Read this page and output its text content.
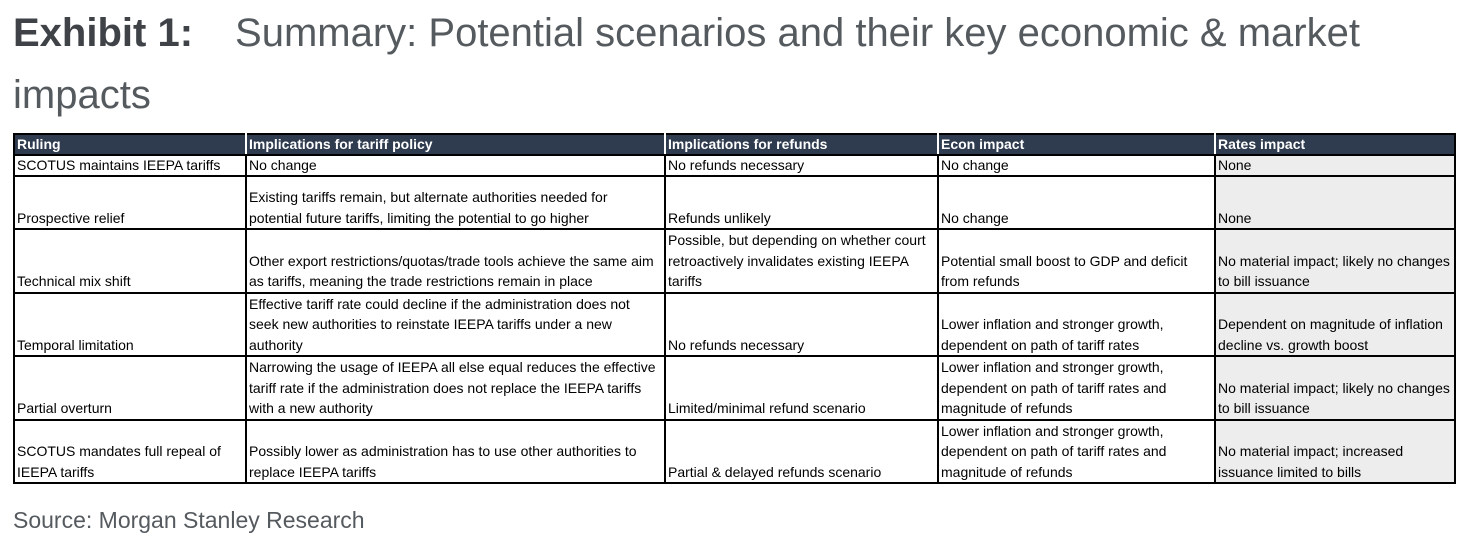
Exhibit 1: Summary: Potential scenarios and their key economic & market impacts
Ruling	Implications for tariff policy	Implications for refunds	Econ impact	Rates impact
SCOTUS maintains IEEPA tariffs	No change	No refunds necessary	No change	None
Prospective relief	Existing tariffs remain, but alternate authorities needed for potential future tariffs, limiting the potential to go higher	Refunds unlikely	No change	None
Technical mix shift	Other export restrictions/quotas/trade tools achieve the same aim as tariffs, meaning the trade restrictions remain in place	Possible, but depending on whether court retroactively invalidates existing IEEPA tariffs	Potential small boost to GDP and deficit from refunds	No material impact; likely no changes to bill issuance
Temporal limitation	Effective tariff rate could decline if the administration does not seek new authorities to reinstate IEEPA tariffs under a new authority	No refunds necessary	Lower inflation and stronger growth, dependent on path of tariff rates	Dependent on magnitude of inflation decline vs. growth boost
Partial overturn	Narrowing the usage of IEEPA all else equal reduces the effective tariff rate if the administration does not replace the IEEPA tariffs with a new authority	Limited/minimal refund scenario	Lower inflation and stronger growth, dependent on path of tariff rates and magnitude of refunds	No material impact; likely no changes to bill issuance
SCOTUS mandates full repeal of IEEPA tariffs	Possibly lower as administration has to use other authorities to replace IEEPA tariffs	Partial & delayed refunds scenario	Lower inflation and stronger growth, dependent on path of tariff rates and magnitude of refunds	No material impact; increased issuance limited to bills
Source: Morgan Stanley Research
